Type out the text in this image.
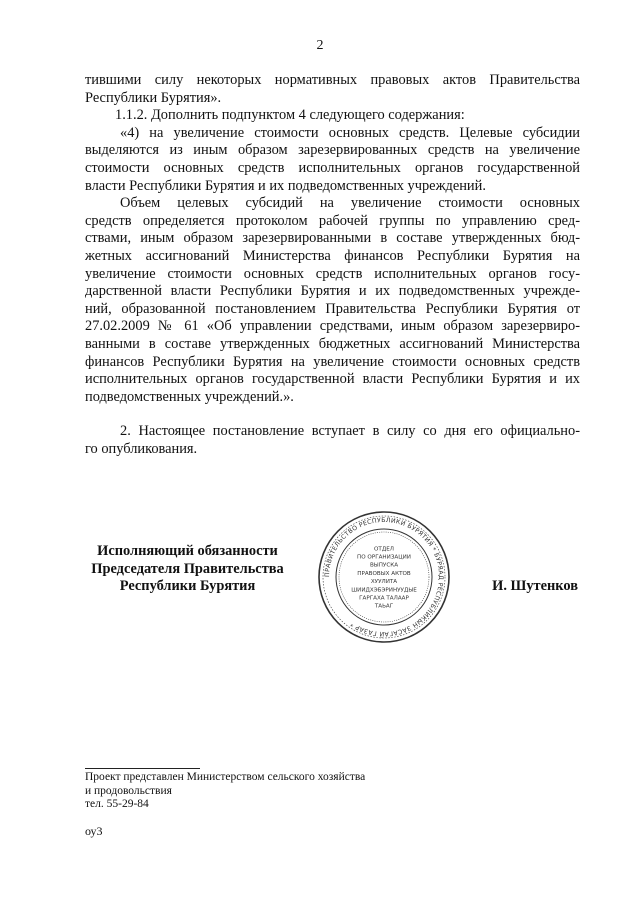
2
тившими силу некоторых нормативных правовых актов Правительства
Республики Бурятия».
1.1.2. Дополнить подпунктом 4 следующего содержания:
«4) на увеличение стоимости основных средств. Целевые субсидии
выделяются из иным образом зарезервированных средств на увеличение
стоимости основных средств исполнительных органов государственной
власти Республики Бурятия и их подведомственных учреждений.
Объем целевых субсидий на увеличение стоимости основных
средств определяется протоколом рабочей группы по управлению сред-
ствами, иным образом зарезервированными в составе утвержденных бюд-
жетных ассигнований Министерства финансов Республики Бурятия на
увеличение стоимости основных средств исполнительных органов госу-
дарственной власти Республики Бурятия и их подведомственных учрежде-
ний, образованной постановлением Правительства Республики Бурятия от
27.02.2009 № 61 «Об управлении средствами, иным образом зарезервиро-
ванными в составе утвержденных бюджетных ассигнований Министерства
финансов Республики Бурятия на увеличение стоимости основных средств
исполнительных органов государственной власти Республики Бурятия и их
подведомственных учреждений.».
2. Настоящее постановление вступает в силу со дня его официально-
го опубликования.
Исполняющий обязанности
Председателя Правительства
Республики Бурятия
ПРАВИТЕЛЬСТВО РЕСПУБЛИКИ БУРЯТИЯ * БУРЯАД РЕСПУБЛИКЫН ЗАСАГАЙ ГАЗАР *
ОТДЕЛ
ПО ОРГАНИЗАЦИИ
ВЫПУСКА
ПРАВОВЫХ АКТОВ
ХУУЛИТА
ШИИДХЭБЭРИНУУДЫЕ
ГАРГАХА ТАЛААР
ТАЬАГ
И. Шутенков
Проект представлен Министерством сельского хозяйства
и продовольствия
тел. 55-29-84
оу3
